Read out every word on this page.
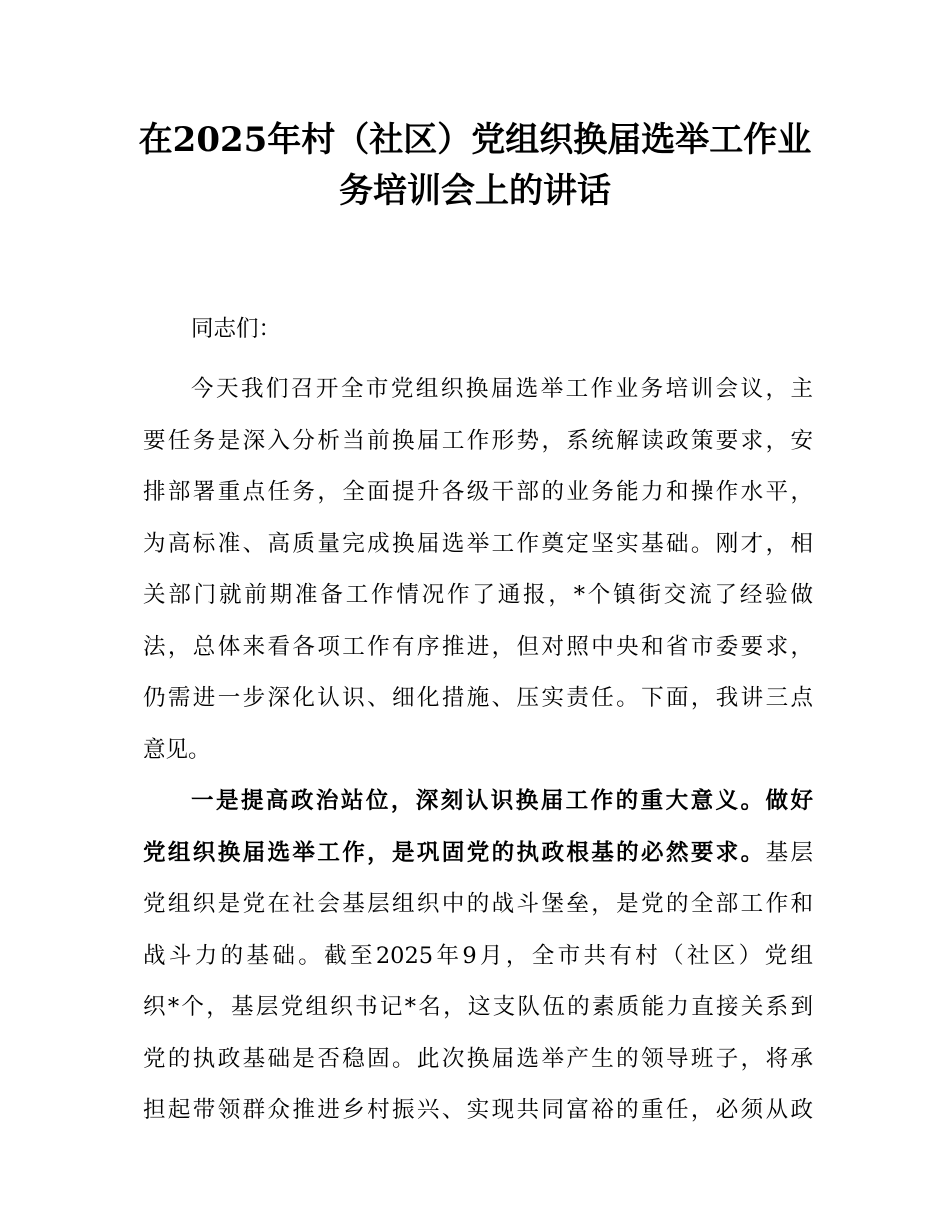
在2025年村（社区）党组织换届选举工作业
务培训会上的讲话
同志们：
今天我们召开全市党组织换届选举工作业务培训会议，主
要任务是深入分析当前换届工作形势，系统解读政策要求，安
排部署重点任务，全面提升各级干部的业务能力和操作水平，
为高标准、高质量完成换届选举工作奠定坚实基础。刚才，相
关部门就前期准备工作情况作了通报，*个镇街交流了经验做
法，总体来看各项工作有序推进，但对照中央和省市委要求，
仍需进一步深化认识、细化措施、压实责任。下面，我讲三点
意见。
一是提高政治站位，深刻认识换届工作的重大意义。做好
党组织换届选举工作，是巩固党的执政根基的必然要求。基层
党组织是党在社会基层组织中的战斗堡垒，是党的全部工作和
战斗力的基础。截至2025年9月，全市共有村（社区）党组
织*个，基层党组织书记*名，这支队伍的素质能力直接关系到
党的执政基础是否稳固。此次换届选举产生的领导班子，将承
担起带领群众推进乡村振兴、实现共同富裕的重任，必须从政
